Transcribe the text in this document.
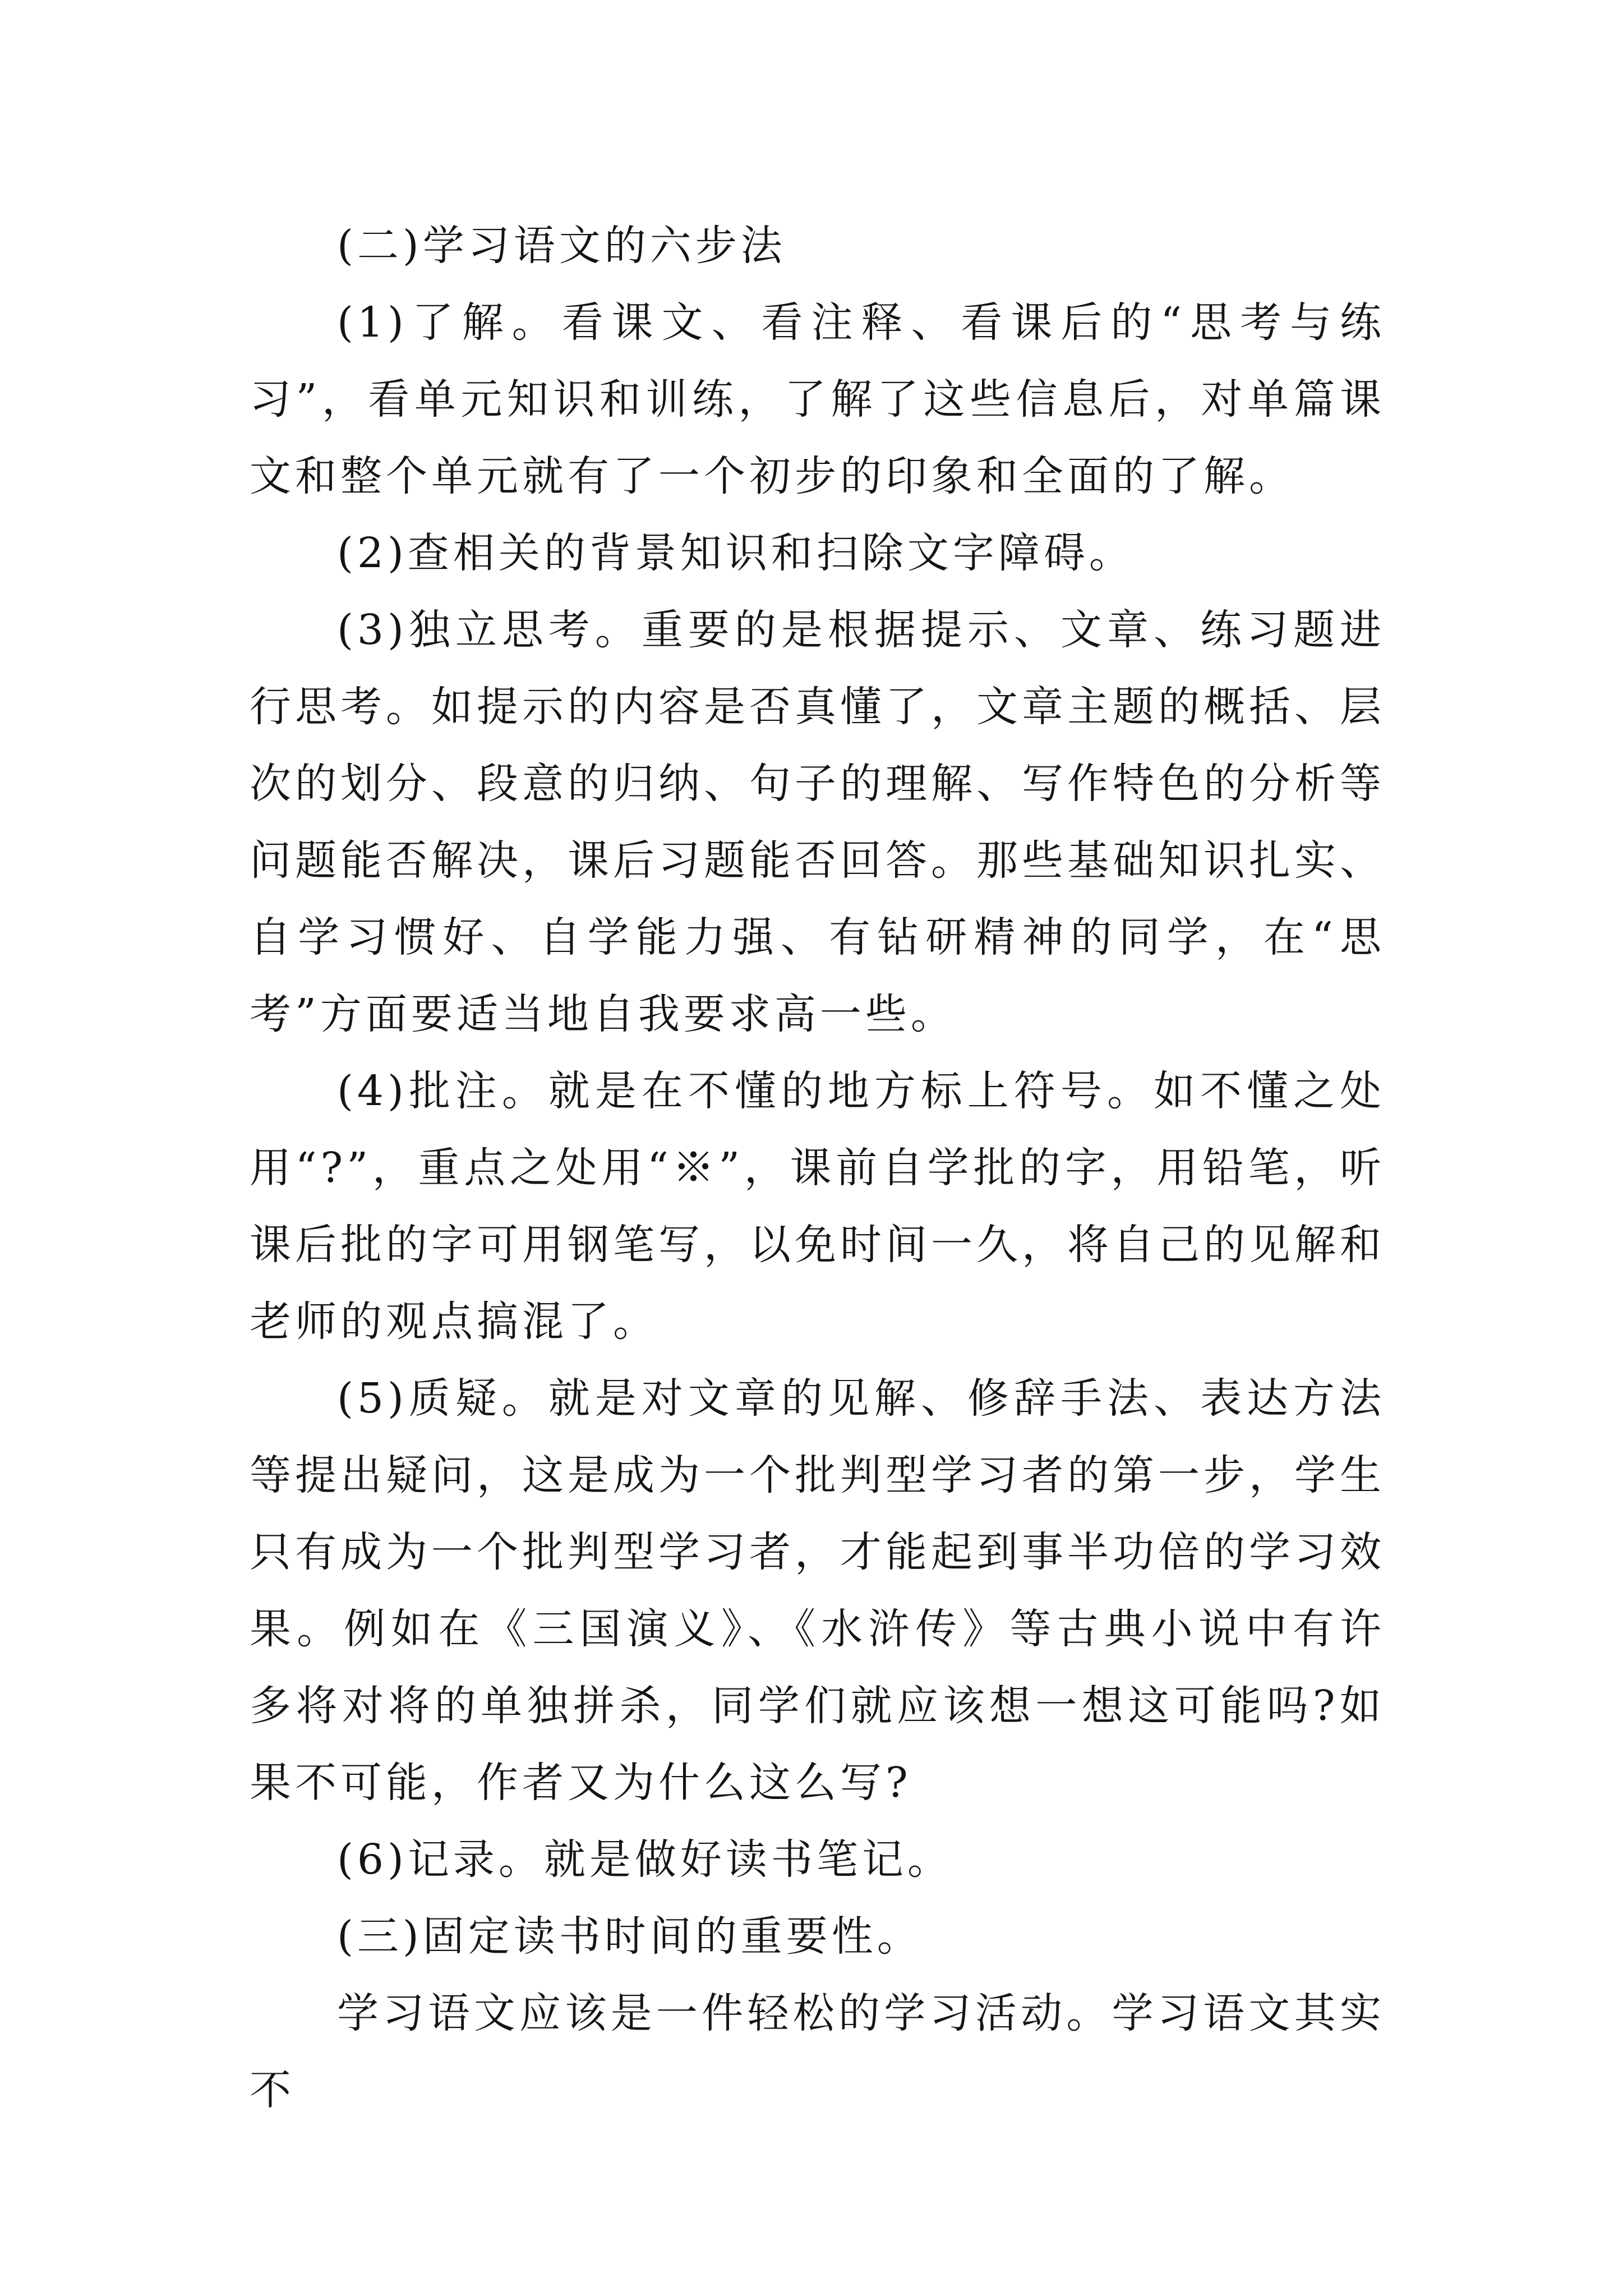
(二)学习语文的六步法

(1)了解。看课文、看注释、看课后的“思考与练习”，看单元知识和训练，了解了这些信息后，对单篇课文和整个单元就有了一个初步的印象和全面的了解。

(2)查相关的背景知识和扫除文字障碍。

(3)独立思考。重要的是根据提示、文章、练习题进行思考。如提示的内容是否真懂了，文章主题的概括、层次的划分、段意的归纳、句子的理解、写作特色的分析等问题能否解决，课后习题能否回答。那些基础知识扎实、自学习惯好、自学能力强、有钻研精神的同学，在“思考”方面要适当地自我要求高一些。

(4)批注。就是在不懂的地方标上符号。如不懂之处用“?”，重点之处用“※”，课前自学批的字，用铅笔，听课后批的字可用钢笔写，以免时间一久，将自己的见解和老师的观点搞混了。

(5)质疑。就是对文章的见解、修辞手法、表达方法等提出疑问，这是成为一个批判型学习者的第一步，学生只有成为一个批判型学习者，才能起到事半功倍的学习效果。例如在《三国演义》、《水浒传》等古典小说中有许多将对将的单独拼杀，同学们就应该想一想这可能吗?如果不可能，作者又为什么这么写?

(6)记录。就是做好读书笔记。

(三)固定读书时间的重要性。

学习语文应该是一件轻松的学习活动。学习语文其实不
